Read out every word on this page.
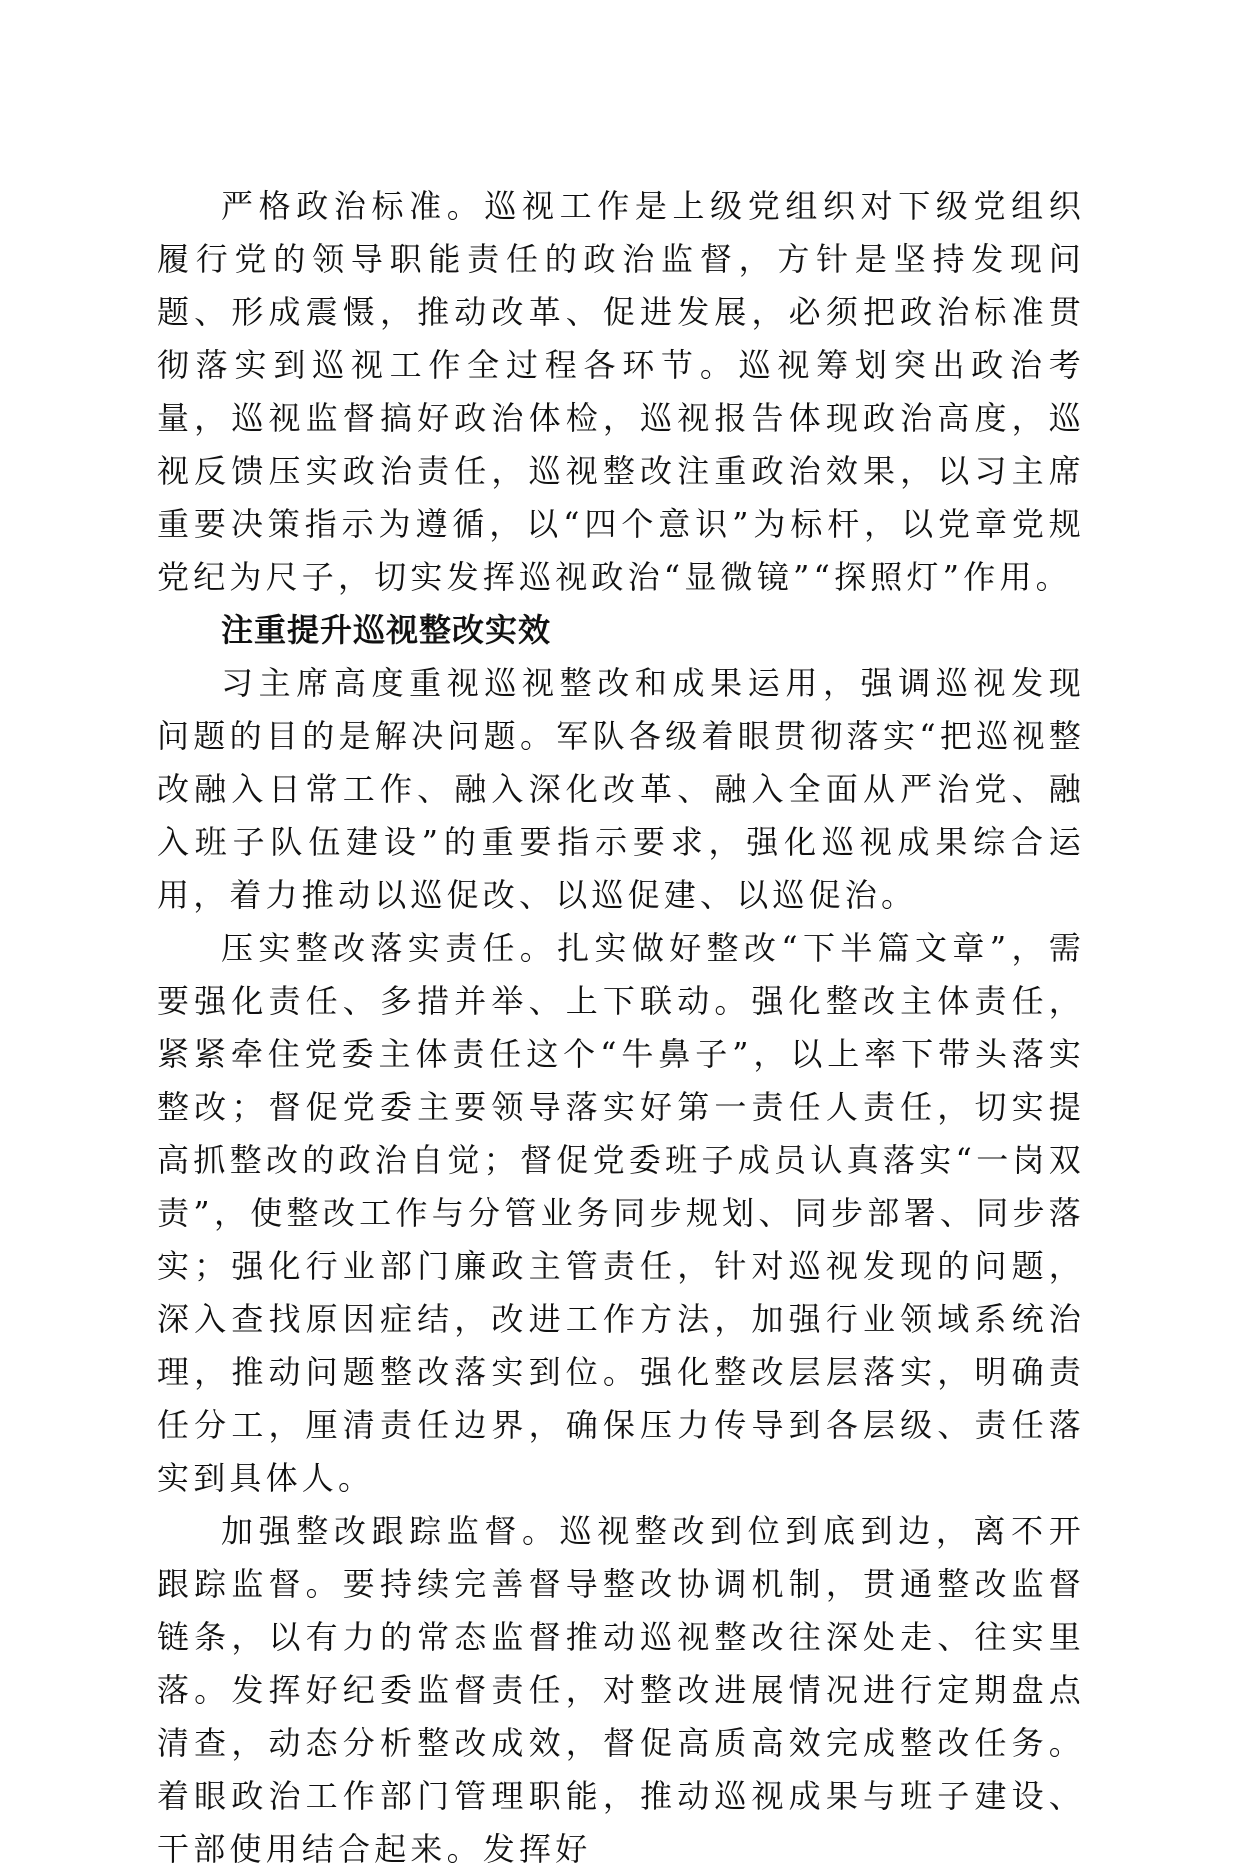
严格政治标准。巡视工作是上级党组织对下级党组织履行党的领导职能责任的政治监督，方针是坚持发现问题、形成震慑，推动改革、促进发展，必须把政治标准贯彻落实到巡视工作全过程各环节。巡视筹划突出政治考量，巡视监督搞好政治体检，巡视报告体现政治高度，巡视反馈压实政治责任，巡视整改注重政治效果，以习主席重要决策指示为遵循，以“四个意识”为标杆，以党章党规党纪为尺子，切实发挥巡视政治“显微镜”“探照灯”作用。

注重提升巡视整改实效

习主席高度重视巡视整改和成果运用，强调巡视发现问题的目的是解决问题。军队各级着眼贯彻落实“把巡视整改融入日常工作、融入深化改革、融入全面从严治党、融入班子队伍建设”的重要指示要求，强化巡视成果综合运用，着力推动以巡促改、以巡促建、以巡促治。

压实整改落实责任。扎实做好整改“下半篇文章”，需要强化责任、多措并举、上下联动。强化整改主体责任，紧紧牵住党委主体责任这个“牛鼻子”，以上率下带头落实整改；督促党委主要领导落实好第一责任人责任，切实提高抓整改的政治自觉；督促党委班子成员认真落实“一岗双责”，使整改工作与分管业务同步规划、同步部署、同步落实；强化行业部门廉政主管责任，针对巡视发现的问题，深入查找原因症结，改进工作方法，加强行业领域系统治理，推动问题整改落实到位。强化整改层层落实，明确责任分工，厘清责任边界，确保压力传导到各层级、责任落实到具体人。

加强整改跟踪监督。巡视整改到位到底到边，离不开跟踪监督。要持续完善督导整改协调机制，贯通整改监督链条，以有力的常态监督推动巡视整改往深处走、往实里落。发挥好纪委监督责任，对整改进展情况进行定期盘点清查，动态分析整改成效，督促高质高效完成整改任务。着眼政治工作部门管理职能，推动巡视成果与班子建设、干部使用结合起来。发挥好
